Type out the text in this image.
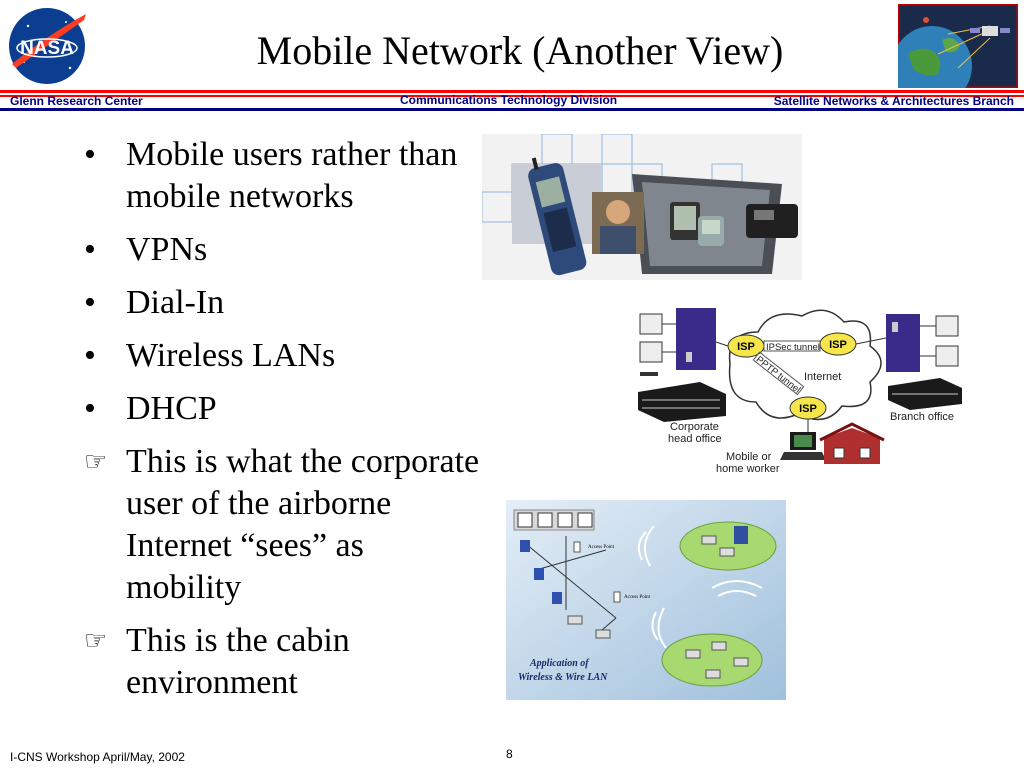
NASA	Mobile Network (Another View)
Glenn Research Center	Communications Technology Division	Satellite Networks & Architectures Branch
• Mobile users rather than mobile networks
• VPNs
• Dial-In
• Wireless LANs
• DHCP
☞ This is what the corporate user of the airborne Internet “sees” as mobility
☞ This is the cabin environment
Corporate
head office
Internet
ISP	ISP
ISP
IPSec tunnel
PPTP tunnel
Branch office
Mobile or
home worker
Access Point
Access Point
Application of
Wireless & Wire LAN
I-CNS Workshop April/May, 2002	8
